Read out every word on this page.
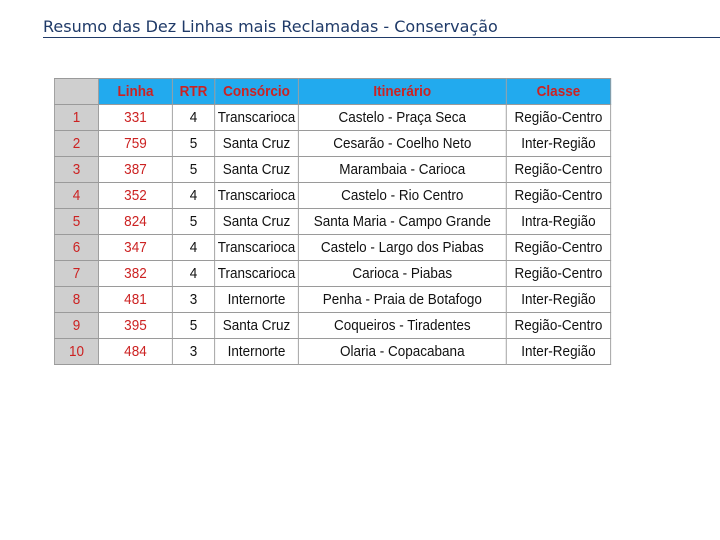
Resumo das Dez Linhas mais Reclamadas - Conservação
	Linha	RTR	Consórcio	Itinerário	Classe
1	331	4	Transcarioca	Castelo - Praça Seca	Região-Centro
2	759	5	Santa Cruz	Cesarão - Coelho Neto	Inter-Região
3	387	5	Santa Cruz	Marambaia - Carioca	Região-Centro
4	352	4	Transcarioca	Castelo - Rio Centro	Região-Centro
5	824	5	Santa Cruz	Santa Maria - Campo Grande	Intra-Região
6	347	4	Transcarioca	Castelo - Largo dos Piabas	Região-Centro
7	382	4	Transcarioca	Carioca - Piabas	Região-Centro
8	481	3	Internorte	Penha - Praia de Botafogo	Inter-Região
9	395	5	Santa Cruz	Coqueiros - Tiradentes	Região-Centro
10	484	3	Internorte	Olaria - Copacabana	Inter-Região
